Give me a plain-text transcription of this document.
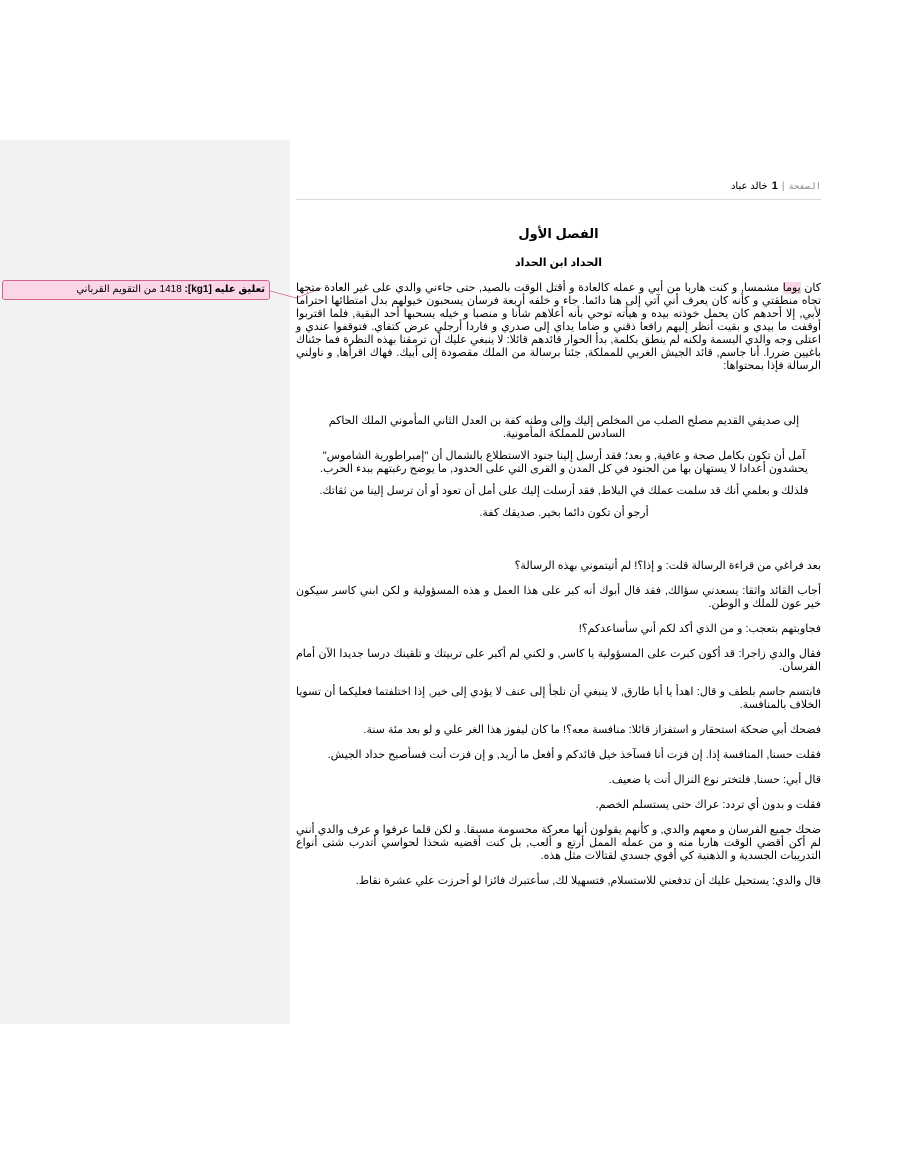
تعليق عليه [kg1]: 1418 من التقويم القرباني
الصفحة
|
1
خالد عباد
الفصل الأول
الحداد ابن الحداد

كان يوما مشمسا, و كنت هاربا من أبي و عمله كالعادة و أقتل الوقت بالصيد, حتى جاءني والدي على غير العادة متجها تجاه منطقتي و كأنه كان يعرف أني آتي إلى هنا دائما. جاء و خلفه أربعة فرسان يسحبون خيولهم بدل امتطائها احتراما لأبي, إلا أحدهم كان يحمل خوذته بيده و هيأته توحي بأنه أعلاهم شأنا و منصبا و خيله يسحبها أحد البقية, فلما اقتربوا أوقفت ما بيدي و بقيت أنظر إليهم رافعا ذقني و ضاما يداي إلى صدري و فاردا أرجلي عرض كتفاي. فتوقفوا عندي و اعتلى وجه والدي البسمة ولكنه لم ينطق بكلمة, بدأ الحوار قائدهم قائلا: لا ينبغي عليك أن ترمقنا بهذه النظرة فما جئناك باغيين ضررا. أنا جاسم, قائد الجيش الغربي للمملكة, جئنا برسالة من الملك مقصودة إلى أبيك. فهاك اقرأها, و ناولني الرسالة فإذا بمحتواها:

إلى صديقي القديم مصلح الصلب من المخلص إليك وإلى وطنه كفة بن العدل الثاني المأموني الملك الحاكم السادس للمملكة المأمونية.

آمل أن تكون بكامل صحة و عافية, و بعد؛ فقد أرسل إلينا جنود الاستطلاع بالشمال أن "إمبراطورية الشاموس" يحشدون أعدادا لا يستهان بها من الجنود في كل المدن و القرى التي على الحدود, ما يوضح رغبتهم ببدء الحرب.

فلذلك و بعلمي أنك قد سلمت عملك في البلاط, فقد أرسلت إليك على أمل أن تعود أو أن ترسل إلينا من ثقاتك.

أرجو أن تكون دائما بخير. صديقك كفة.

بعد فراغي من قراءة الرسالة قلت: و إذا؟! لم أتيتموني بهذه الرسالة؟

أجاب القائد واثقا: يسعدني سؤالك, فقد قال أبوك أنه كبر على هذا العمل و هذه المسؤولية و لكن ابني كاسر سيكون خير عون للملك و الوطن.

فجاوبتهم بتعجب: و من الذي أكد لكم أني سأساعدكم؟!

فقال والدي زاجرا: قد أكون كبرت على المسؤولية يا كاسر, و لكني لم أكبر على تربيتك و تلقينك درسا جديدا الآن أمام الفرسان.

فابتسم جاسم بلطف و قال: اهدأ يا أبا طارق, لا ينبغي أن نلجأ إلى عنف لا يؤدي إلى خير, إذا اختلفتما فعليكما أن تسويا الخلاف بالمنافسة.

فضحك أبي ضحكة استحقار و استفزاز قائلا: منافسة معه؟! ما كان ليفوز هذا الغر علي و لو بعد مئة سنة.

فقلت حسنا, المنافسة إذا. إن فزت أنا فسآخذ خيل قائدكم و أفعل ما أريد, و إن فزت أنت فسأصبح حداد الجيش.

قال أبي: حسنا, فلتختر نوع النزال أنت يا ضعيف.

فقلت و بدون أي تردد: عراك حتى يستسلم الخصم.

ضحك جميع الفرسان و معهم والدي, و كأنهم يقولون أنها معركة محسومة مسبقا. و لكن قلما عرفوا و عرف والدي أنني لم أكن أقضي الوقت هاربا منه و من عمله الممل أرتع و ألعب, بل كنت أقضيه شحذا لحواسي أتدرب شتى أنواع التدريبات الجسدية و الذهنية كي أقوي جسدي لقتالات مثل هذه.

قال والدي: يستحيل عليك أن تدفعني للاستسلام, فتسهيلا لك, سأعتبرك فائزا لو أحرزت علي عشرة نقاط.
